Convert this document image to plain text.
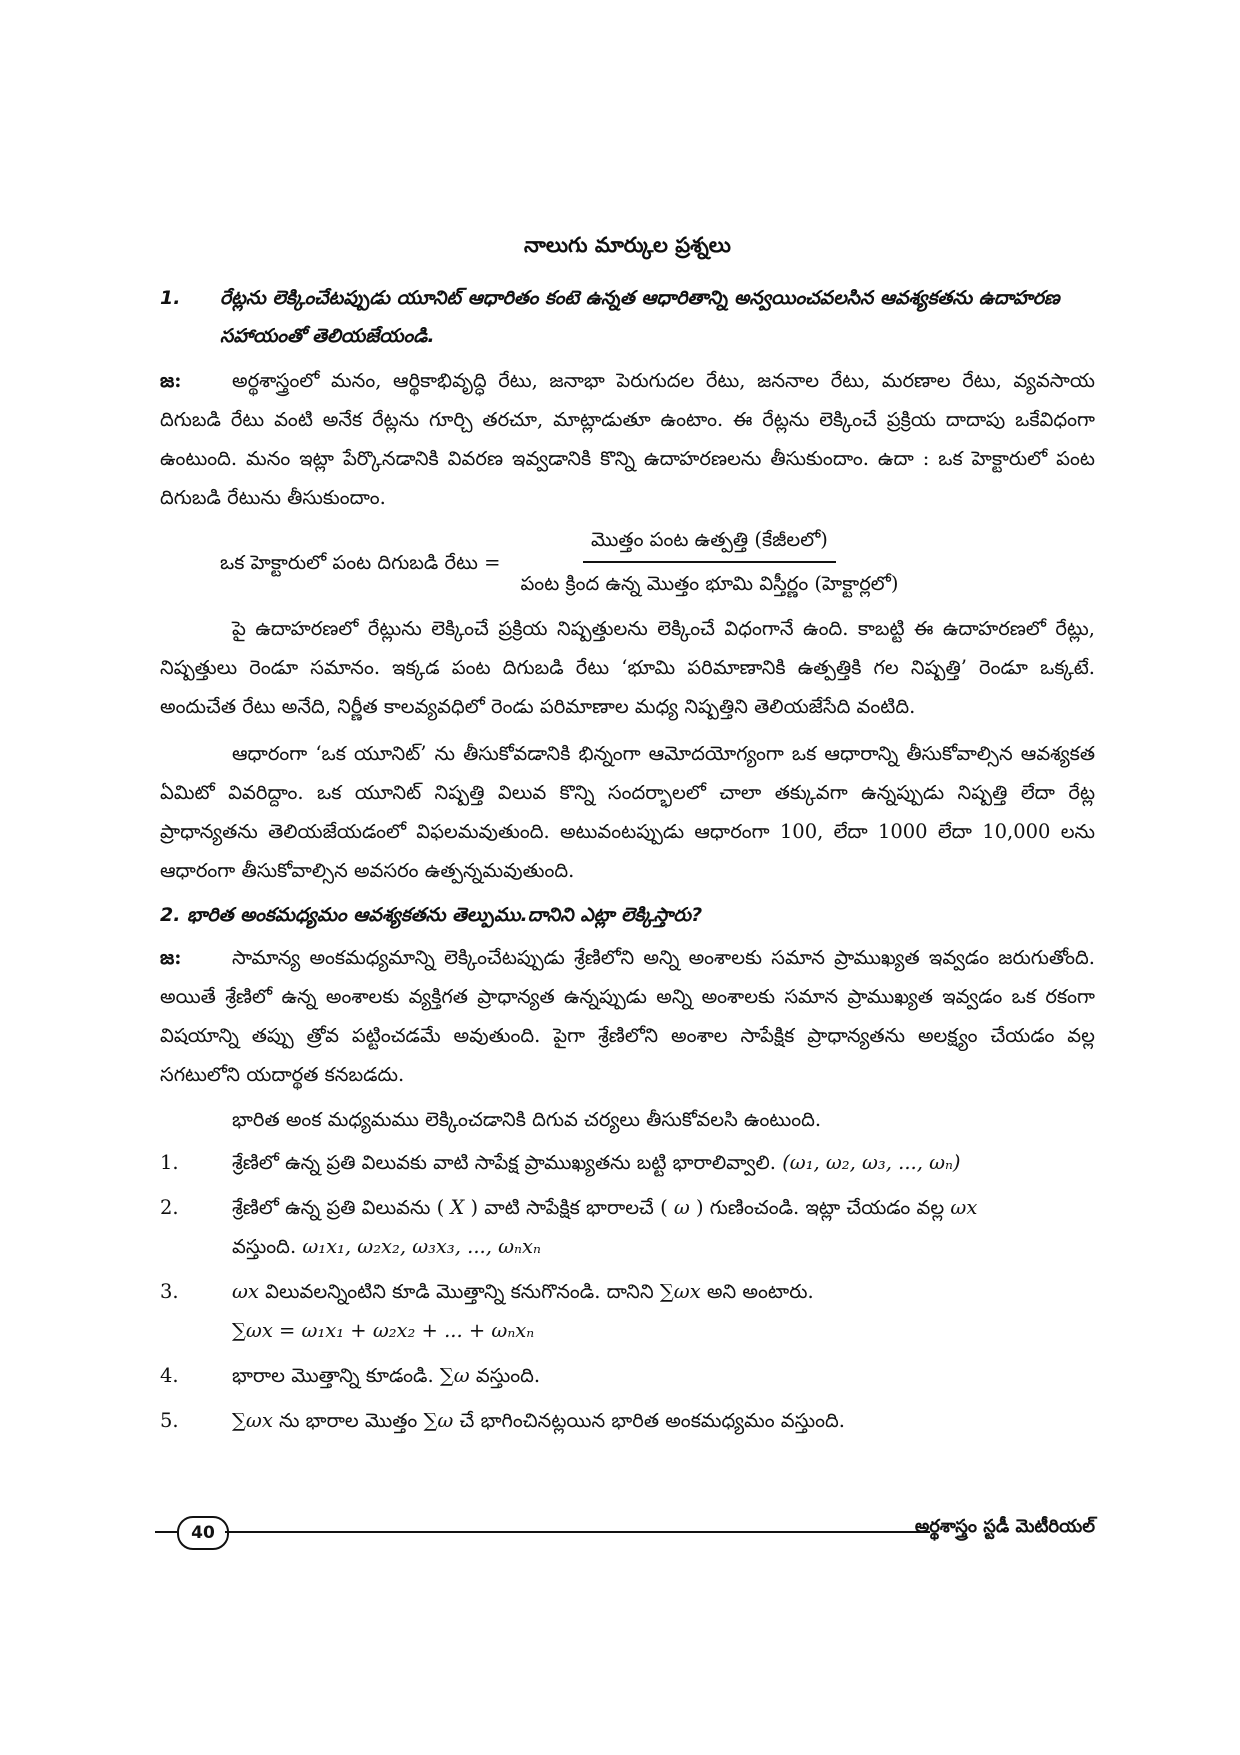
నాలుగు మార్కుల ప్రశ్నలు
1.	రేట్లను లెక్కించేటప్పుడు యూనిట్ ఆధారితం కంటె ఉన్నత ఆధారితాన్ని అన్వయించవలసిన ఆవశ్యకతను ఉదాహరణ సహాయంతో తెలియజేయండి.

జ:	అర్థశాస్త్రంలో మనం, ఆర్థికాభివృద్ధి రేటు, జనాభా పెరుగుదల రేటు, జననాల రేటు, మరణాల రేటు, వ్యవసాయ దిగుబడి రేటు వంటి అనేక రేట్లను గూర్చి తరచూ, మాట్లాడుతూ ఉంటాం. ఈ రేట్లను లెక్కించే ప్రక్రియ దాదాపు ఒకేవిధంగా ఉంటుంది. మనం ఇట్లా పేర్కొనడానికి వివరణ ఇవ్వడానికి కొన్ని ఉదాహరణలను తీసుకుందాం. ఉదా : ఒక హెక్టారులో పంట దిగుబడి రేటును తీసుకుందాం.

ఒక హెక్టారులో పంట దిగుబడి రేటు = $\frac{\text{మొత్తం పంట ఉత్పత్తి (కేజీలలో)}}{\text{పంట క్రింద ఉన్న మొత్తం భూమి విస్తీర్ణం (హెక్టార్లలో)}}$

పై ఉదాహరణలో రేట్లును లెక్కించే ప్రక్రియ నిష్పత్తులను లెక్కించే విధంగానే ఉంది. కాబట్టి ఈ ఉదాహరణలో రేట్లు, నిష్పత్తులు రెండూ సమానం. ఇక్కడ పంట దిగుబడి రేటు ‘భూమి పరిమాణానికి ఉత్పత్తికి గల నిష్పత్తి’ రెండూ ఒక్కటే. అందుచేత రేటు అనేది, నిర్ణీత కాలవ్యవధిలో రెండు పరిమాణాల మధ్య నిష్పత్తిని తెలియజేసేది వంటిది.

ఆధారంగా ‘ఒక యూనిట్’ ను తీసుకోవడానికి భిన్నంగా ఆమోదయోగ్యంగా ఒక ఆధారాన్ని తీసుకోవాల్సిన ఆవశ్యకత ఏమిటో వివరిద్దాం. ఒక యూనిట్ నిష్పత్తి విలువ కొన్ని సందర్భాలలో చాలా తక్కువగా ఉన్నప్పుడు నిష్పత్తి లేదా రేట్ల ప్రాధాన్యతను తెలియజేయడంలో విఫలమవుతుంది. అటువంటప్పుడు ఆధారంగా 100, లేదా 1000 లేదా 10,000 లను ఆధారంగా తీసుకోవాల్సిన అవసరం ఉత్పన్నమవుతుంది.

2. భారిత అంకమధ్యమం ఆవశ్యకతను తెల్పుము.దానిని ఎట్లా లెక్కిస్తారు?

జ:	సామాన్య అంకమధ్యమాన్ని లెక్కించేటప్పుడు శ్రేణిలోని అన్ని అంశాలకు సమాన ప్రాముఖ్యత ఇవ్వడం జరుగుతోంది. అయితే శ్రేణిలో ఉన్న అంశాలకు వ్యక్తిగత ప్రాధాన్యత ఉన్నప్పుడు అన్ని అంశాలకు సమాన ప్రాముఖ్యత ఇవ్వడం ఒక రకంగా విషయాన్ని తప్పు త్రోవ పట్టించడమే అవుతుంది. పైగా శ్రేణిలోని అంశాల సాపేక్షిక ప్రాధాన్యతను అలక్ష్యం చేయడం వల్ల సగటులోని యదార్థత కనబడదు.

భారిత అంక మధ్యమము లెక్కించడానికి దిగువ చర్యలు తీసుకోవలసి ఉంటుంది.

1.	శ్రేణిలో ఉన్న ప్రతి విలువకు వాటి సాపేక్ష ప్రాముఖ్యతను బట్టి భారాలివ్వాలి. (ω₁, ω₂, ω₃, ..., ωₙ)
2.	శ్రేణిలో ఉన్న ప్రతి విలువను ( X ) వాటి సాపేక్షిక భారాలచే ( ω ) గుణించండి. ఇట్లా చేయడం వల్ల ωx
వస్తుంది. ω₁x₁, ω₂x₂, ω₃x₃, ..., ωₙxₙ
3.	ωx విలువలన్నింటిని కూడి మొత్తాన్ని కనుగొనండి. దానిని ∑ωx అని అంటారు.
∑ωx = ω₁x₁ + ω₂x₂ + ... + ωₙxₙ
4.	భారాల మొత్తాన్ని కూడండి. ∑ω వస్తుంది.
5.	∑ωx ను భారాల మొత్తం ∑ω చే భాగించినట్లయిన భారిత అంకమధ్యమం వస్తుంది.
40	అర్థశాస్త్రం స్టడీ మెటీరియల్
